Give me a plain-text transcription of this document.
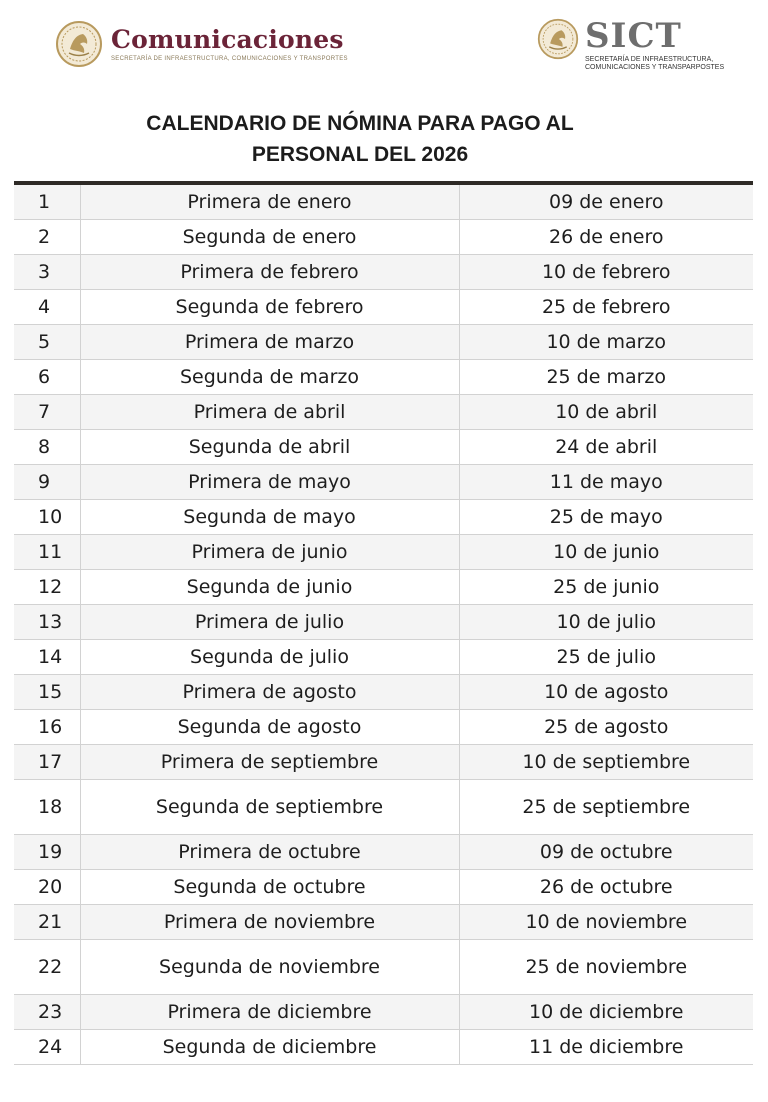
Comunicaciones
SECRETARÍA DE INFRAESTRUCTURA, COMUNICACIONES Y TRANSPORTES
SICT
SECRETARÍA DE INFRAESTRUCTURA, COMUNICACIONES Y TRANSPARPOSTES
CALENDARIO DE NÓMINA PARA PAGO AL
PERSONAL DEL 2026
1	Primera de enero	09 de enero
2	Segunda de enero	26 de enero
3	Primera de febrero	10 de febrero
4	Segunda de febrero	25 de febrero
5	Primera de marzo	10 de marzo
6	Segunda de marzo	25 de marzo
7	Primera de abril	10 de abril
8	Segunda de abril	24 de abril
9	Primera de mayo	11 de mayo
10	Segunda de mayo	25 de mayo
11	Primera de junio	10 de junio
12	Segunda de junio	25 de junio
13	Primera de julio	10 de julio
14	Segunda de julio	25 de julio
15	Primera de agosto	10 de agosto
16	Segunda de agosto	25 de agosto
17	Primera de septiembre	10 de septiembre
18	Segunda de septiembre	25 de septiembre
19	Primera de octubre	09 de octubre
20	Segunda de octubre	26 de octubre
21	Primera de noviembre	10 de noviembre
22	Segunda de noviembre	25 de noviembre
23	Primera de diciembre	10 de diciembre
24	Segunda de diciembre	11 de diciembre
